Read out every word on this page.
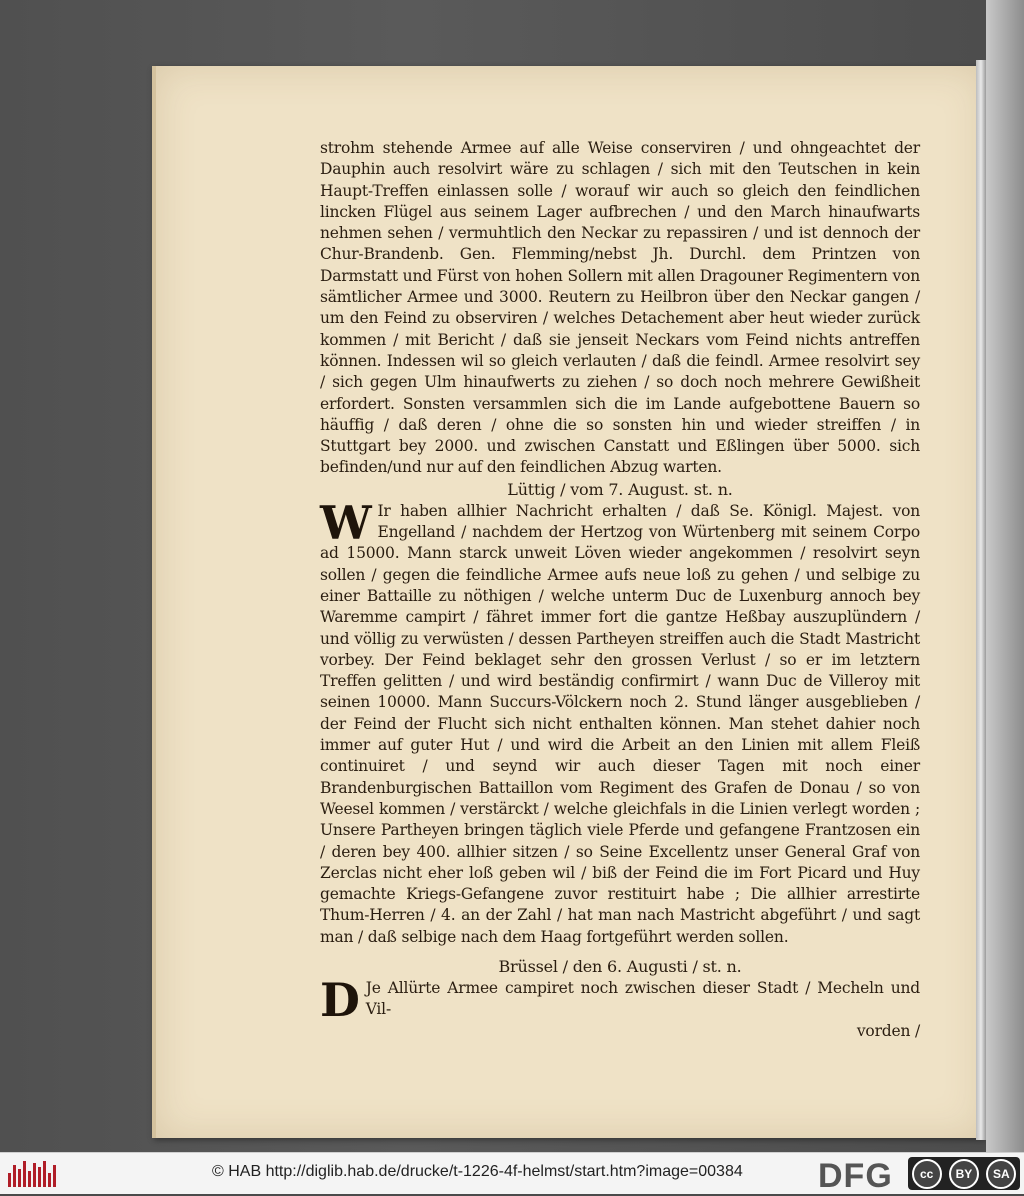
strohm stehende Armee auf alle Weise conserviren / und ohngeachtet der Dauphin auch resolvirt wäre zu schlagen / sich mit den Teutschen in kein Haupt-Treffen einlassen solle / worauf wir auch so gleich den feindlichen lincken Flügel aus seinem Lager aufbrechen / und den March hinaufwarts nehmen sehen / vermuhtlich den Neckar zu repassiren / und ist dennoch der Chur-Brandenb. Gen. Flemming/nebst Jh. Durchl. dem Printzen von Darmstatt und Fürst von hohen Sollern mit allen Dragouner Regimentern von sämtlicher Armee und 3000. Reutern zu Heilbron über den Neckar gangen / um den Feind zu observiren / welches Detachement aber heut wieder zurück kommen / mit Bericht / daß sie jenseit Neckars vom Feind nichts antreffen können. Indessen wil so gleich verlauten / daß die feindl. Armee resolvirt sey / sich gegen Ulm hinaufwerts zu ziehen / so doch noch mehrere Gewißheit erfordert. Sonsten versammlen sich die im Lande aufgebottene Bauern so häuffig / daß deren / ohne die so sonsten hin und wieder streiffen / in Stuttgart bey 2000. und zwischen Canstatt und Eßlingen über 5000. sich befinden/und nur auf den feindlichen Abzug warten.

Lüttig / vom 7. August. st. n.

W Ir haben allhier Nachricht erhalten / daß Se. Königl. Majest. von Engelland / nachdem der Hertzog von Würtenberg mit seinem Corpo ad 15000. Mann starck unweit Löven wieder angekommen / resolvirt seyn sollen / gegen die feindliche Armee aufs neue loß zu gehen / und selbige zu einer Battaille zu nöthigen / welche unterm Duc de Luxenburg annoch bey Waremme campirt / fähret immer fort die gantze Heßbay auszuplündern / und völlig zu verwüsten / dessen Partheyen streiffen auch die Stadt Mastricht vorbey. Der Feind beklaget sehr den grossen Verlust / so er im letztern Treffen gelitten / und wird beständig confirmirt / wann Duc de Villeroy mit seinen 10000. Mann Succurs-Völckern noch 2. Stund länger ausgeblieben / der Feind der Flucht sich nicht enthalten können. Man stehet dahier noch immer auf guter Hut / und wird die Arbeit an den Linien mit allem Fleiß continuiret / und seynd wir auch dieser Tagen mit noch einer Brandenburgischen Battaillon vom Regiment des Grafen de Donau / so von Weesel kommen / verstärckt / welche gleichfals in die Linien verlegt worden ; Unsere Partheyen bringen täglich viele Pferde und gefangene Frantzosen ein / deren bey 400. allhier sitzen / so Seine Excellentz unser General Graf von Zerclas nicht eher loß geben wil / biß der Feind die im Fort Picard und Huy gemachte Kriegs-Gefangene zuvor restituirt habe ; Die allhier arrestirte Thum-Herren / 4. an der Zahl / hat man nach Mastricht abgeführt / und sagt man / daß selbige nach dem Haag fortgeführt werden sollen.

Brüssel / den 6. Augusti / st. n.

D Je Allürte Armee campiret noch zwischen dieser Stadt / Mecheln und Vil-

vorden /

© HAB http://diglib.hab.de/drucke/t-1226-4f-helmst/start.htm?image=00384 DFG	cc	BY	SA
